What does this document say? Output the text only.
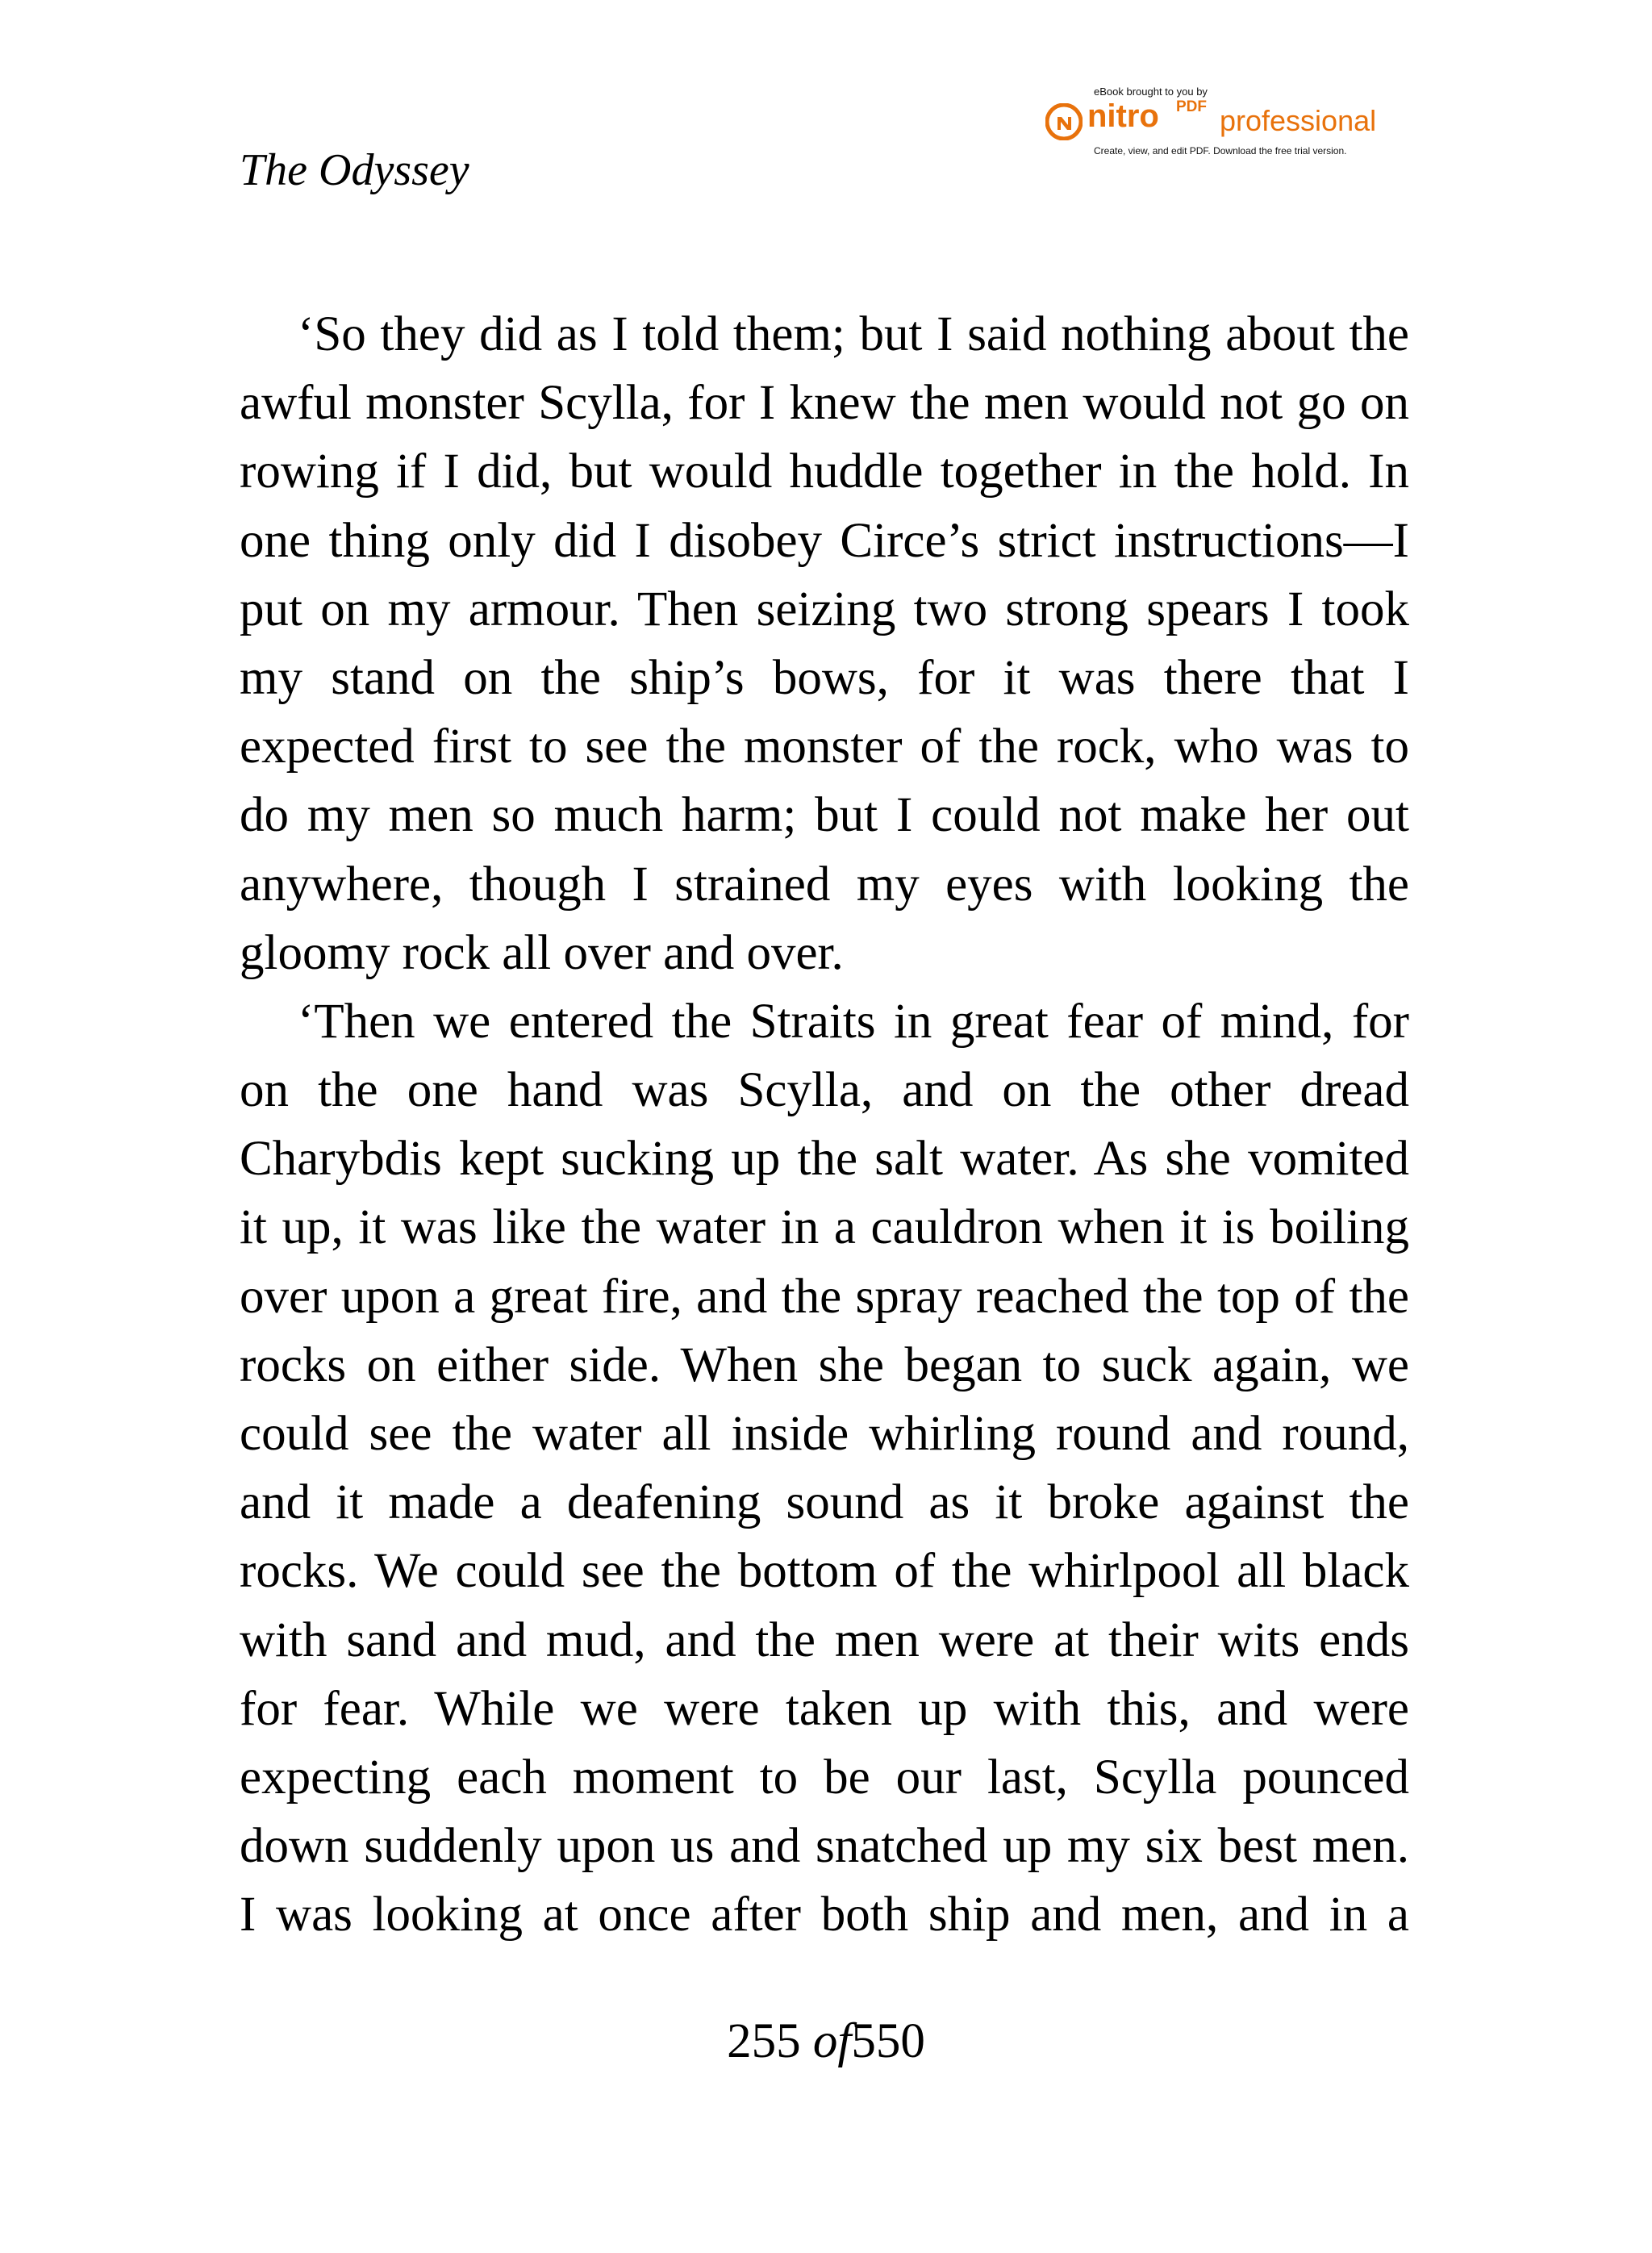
The Odyssey
eBook brought to you by
nitro PDF professional
Create, view, and edit PDF. Download the free trial version.
‘So they did as I told them; but I said nothing about the
awful monster Scylla, for I knew the men would not go on
rowing if I did, but would huddle together in the hold. In
one thing only did I disobey Circe’s strict instructions—I
put on my armour. Then seizing two strong spears I took
my stand on the ship’s bows, for it was there that I
expected first to see the monster of the rock, who was to
do my men so much harm; but I could not make her out
anywhere, though I strained my eyes with looking the
gloomy rock all over and over.
‘Then we entered the Straits in great fear of mind, for
on the one hand was Scylla, and on the other dread
Charybdis kept sucking up the salt water. As she vomited
it up, it was like the water in a cauldron when it is boiling
over upon a great fire, and the spray reached the top of the
rocks on either side. When she began to suck again, we
could see the water all inside whirling round and round,
and it made a deafening sound as it broke against the
rocks. We could see the bottom of the whirlpool all black
with sand and mud, and the men were at their wits ends
for fear. While we were taken up with this, and were
expecting each moment to be our last, Scylla pounced
down suddenly upon us and snatched up my six best men.
I was looking at once after both ship and men, and in a
255 of550
